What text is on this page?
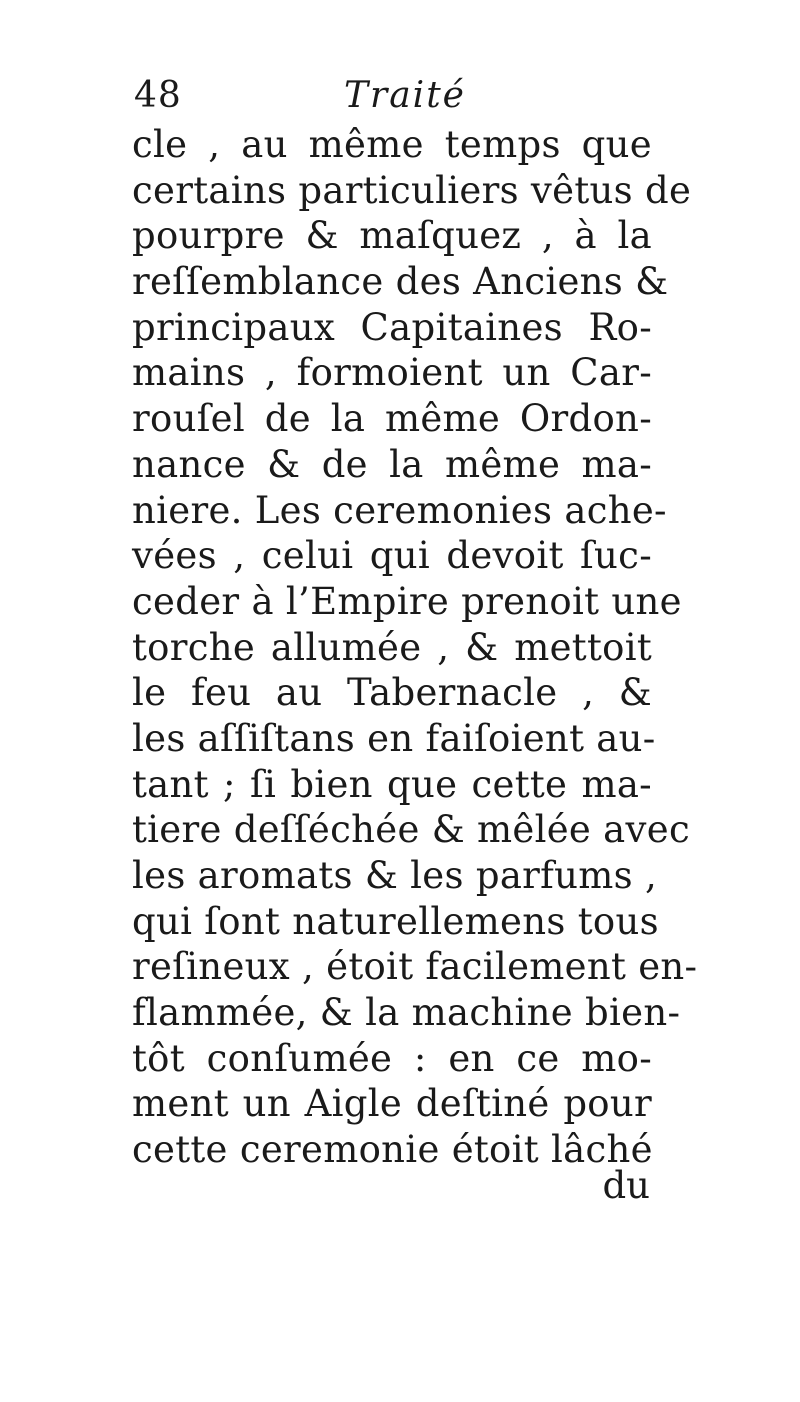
48	Traité
cle , au même temps que
certains particuliers vêtus de
pourpre & maſquez , à la
reſſemblance des Anciens &
principaux Capitaines Ro-
mains , formoient un Car-
rouſel de la même Ordon-
nance & de la même ma-
niere. Les ceremonies ache-
vées , celui qui devoit ſuc-
ceder à l’Empire prenoit une
torche allumée , & mettoit
le feu au Tabernacle , &
les aſſiſtans en faiſoient au-
tant ; ſi bien que cette ma-
tiere deſſéchée & mêlée avec
les aromats & les parfums ,
qui ſont naturellemens tous
reſineux , étoit facilement en-
flammée, & la machine bien-
tôt conſumée : en ce mo-
ment un Aigle deſtiné pour
cette ceremonie étoit lâché
du
